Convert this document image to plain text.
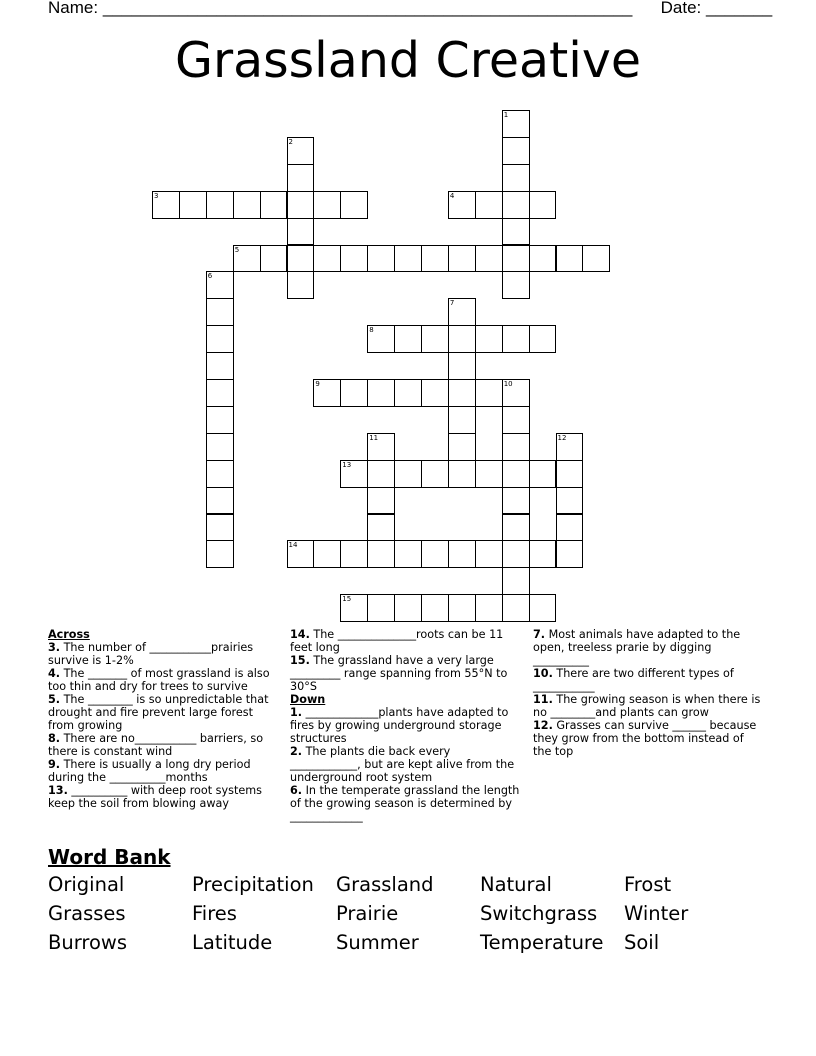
Name: ________________________________________________________ Date: _______
Grassland Creative
1
2
3	4
5
6
7
8
9	10
11	12
13
14
15
Across

3. The number of ___________prairies survive is 1-2%

4. The _______ of most grassland is also too thin and dry for trees to survive

5. The ________ is so unpredictable that drought and fire prevent large forest from growing

8. There are no___________ barriers, so there is constant wind

9. There is usually a long dry period during the __________months

13. __________ with deep root systems keep the soil from blowing away

14. The ______________roots can be 11 feet long

15. The grassland have a very large _________ range spanning from 55°N to 30°S

Down

1. _____________plants have adapted to fires by growing underground storage structures

2. The plants die back every ____________, but are kept alive from the underground root system

6. In the temperate grassland the length of the growing season is determined by _____________

7. Most animals have adapted to the open, treeless prarie by digging __________

10. There are two different types of ___________

11. The growing season is when there is no ________and plants can grow

12. Grasses can survive ______ because they grow from the bottom instead of the top

Word Bank
Original	Precipitation	Grassland	Natural	Frost
Grasses	Fires	Prairie	Switchgrass	Winter
Burrows	Latitude	Summer	Temperature	Soil
